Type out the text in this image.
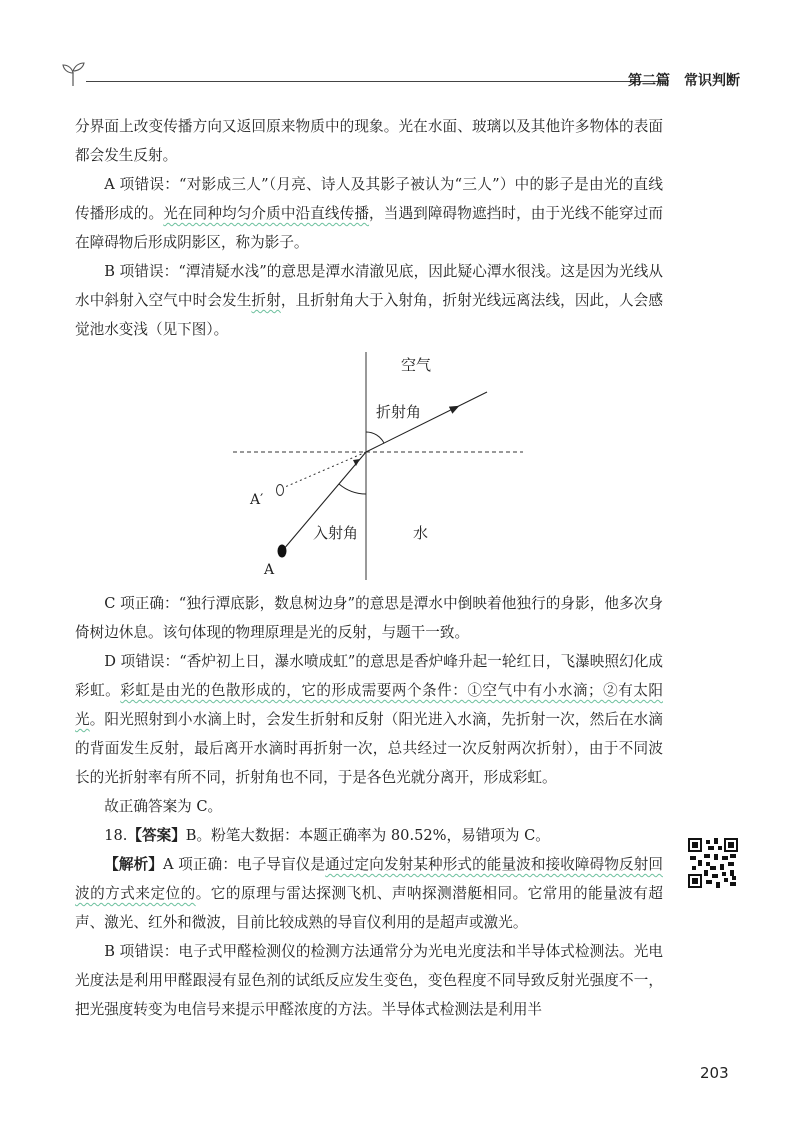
第二篇　常识判断

分界面上改变传播方向又返回原来物质中的现象。光在水面、玻璃以及其他许多物体的表面都会发生反射。

A 项错误：“对影成三人”（月亮、诗人及其影子被认为“三人”）中的影子是由光的直线传播形成的。光在同种均匀介质中沿直线传播，当遇到障碍物遮挡时，由于光线不能穿过而在障碍物后形成阴影区，称为影子。

B 项错误：“潭清疑水浅”的意思是潭水清澈见底，因此疑心潭水很浅。这是因为光线从水中斜射入空气中时会发生折射，且折射角大于入射角，折射光线远离法线，因此，人会感觉池水变浅（见下图）。

空气
折射角
入射角	水
A
A′

C 项正确：“独行潭底影，数息树边身”的意思是潭水中倒映着他独行的身影，他多次身倚树边休息。该句体现的物理原理是光的反射，与题干一致。

D 项错误：“香炉初上日，瀑水喷成虹”的意思是香炉峰升起一轮红日，飞瀑映照幻化成彩虹。彩虹是由光的色散形成的，它的形成需要两个条件：①空气中有小水滴；②有太阳光。阳光照射到小水滴上时，会发生折射和反射（阳光进入水滴，先折射一次，然后在水滴的背面发生反射，最后离开水滴时再折射一次，总共经过一次反射两次折射），由于不同波长的光折射率有所不同，折射角也不同，于是各色光就分离开，形成彩虹。

故正确答案为 C。

18.【答案】B。粉笔大数据：本题正确率为 80.52%，易错项为 C。

【解析】A 项正确：电子导盲仪是通过定向发射某种形式的能量波和接收障碍物反射回波的方式来定位的。它的原理与雷达探测飞机、声呐探测潜艇相同。它常用的能量波有超声、激光、红外和微波，目前比较成熟的导盲仪利用的是超声或激光。

B 项错误：电子式甲醛检测仪的检测方法通常分为光电光度法和半导体式检测法。光电光度法是利用甲醛跟浸有显色剂的试纸反应发生变色，变色程度不同导致反射光强度不一，把光强度转变为电信号来提示甲醛浓度的方法。半导体式检测法是利用半

203
